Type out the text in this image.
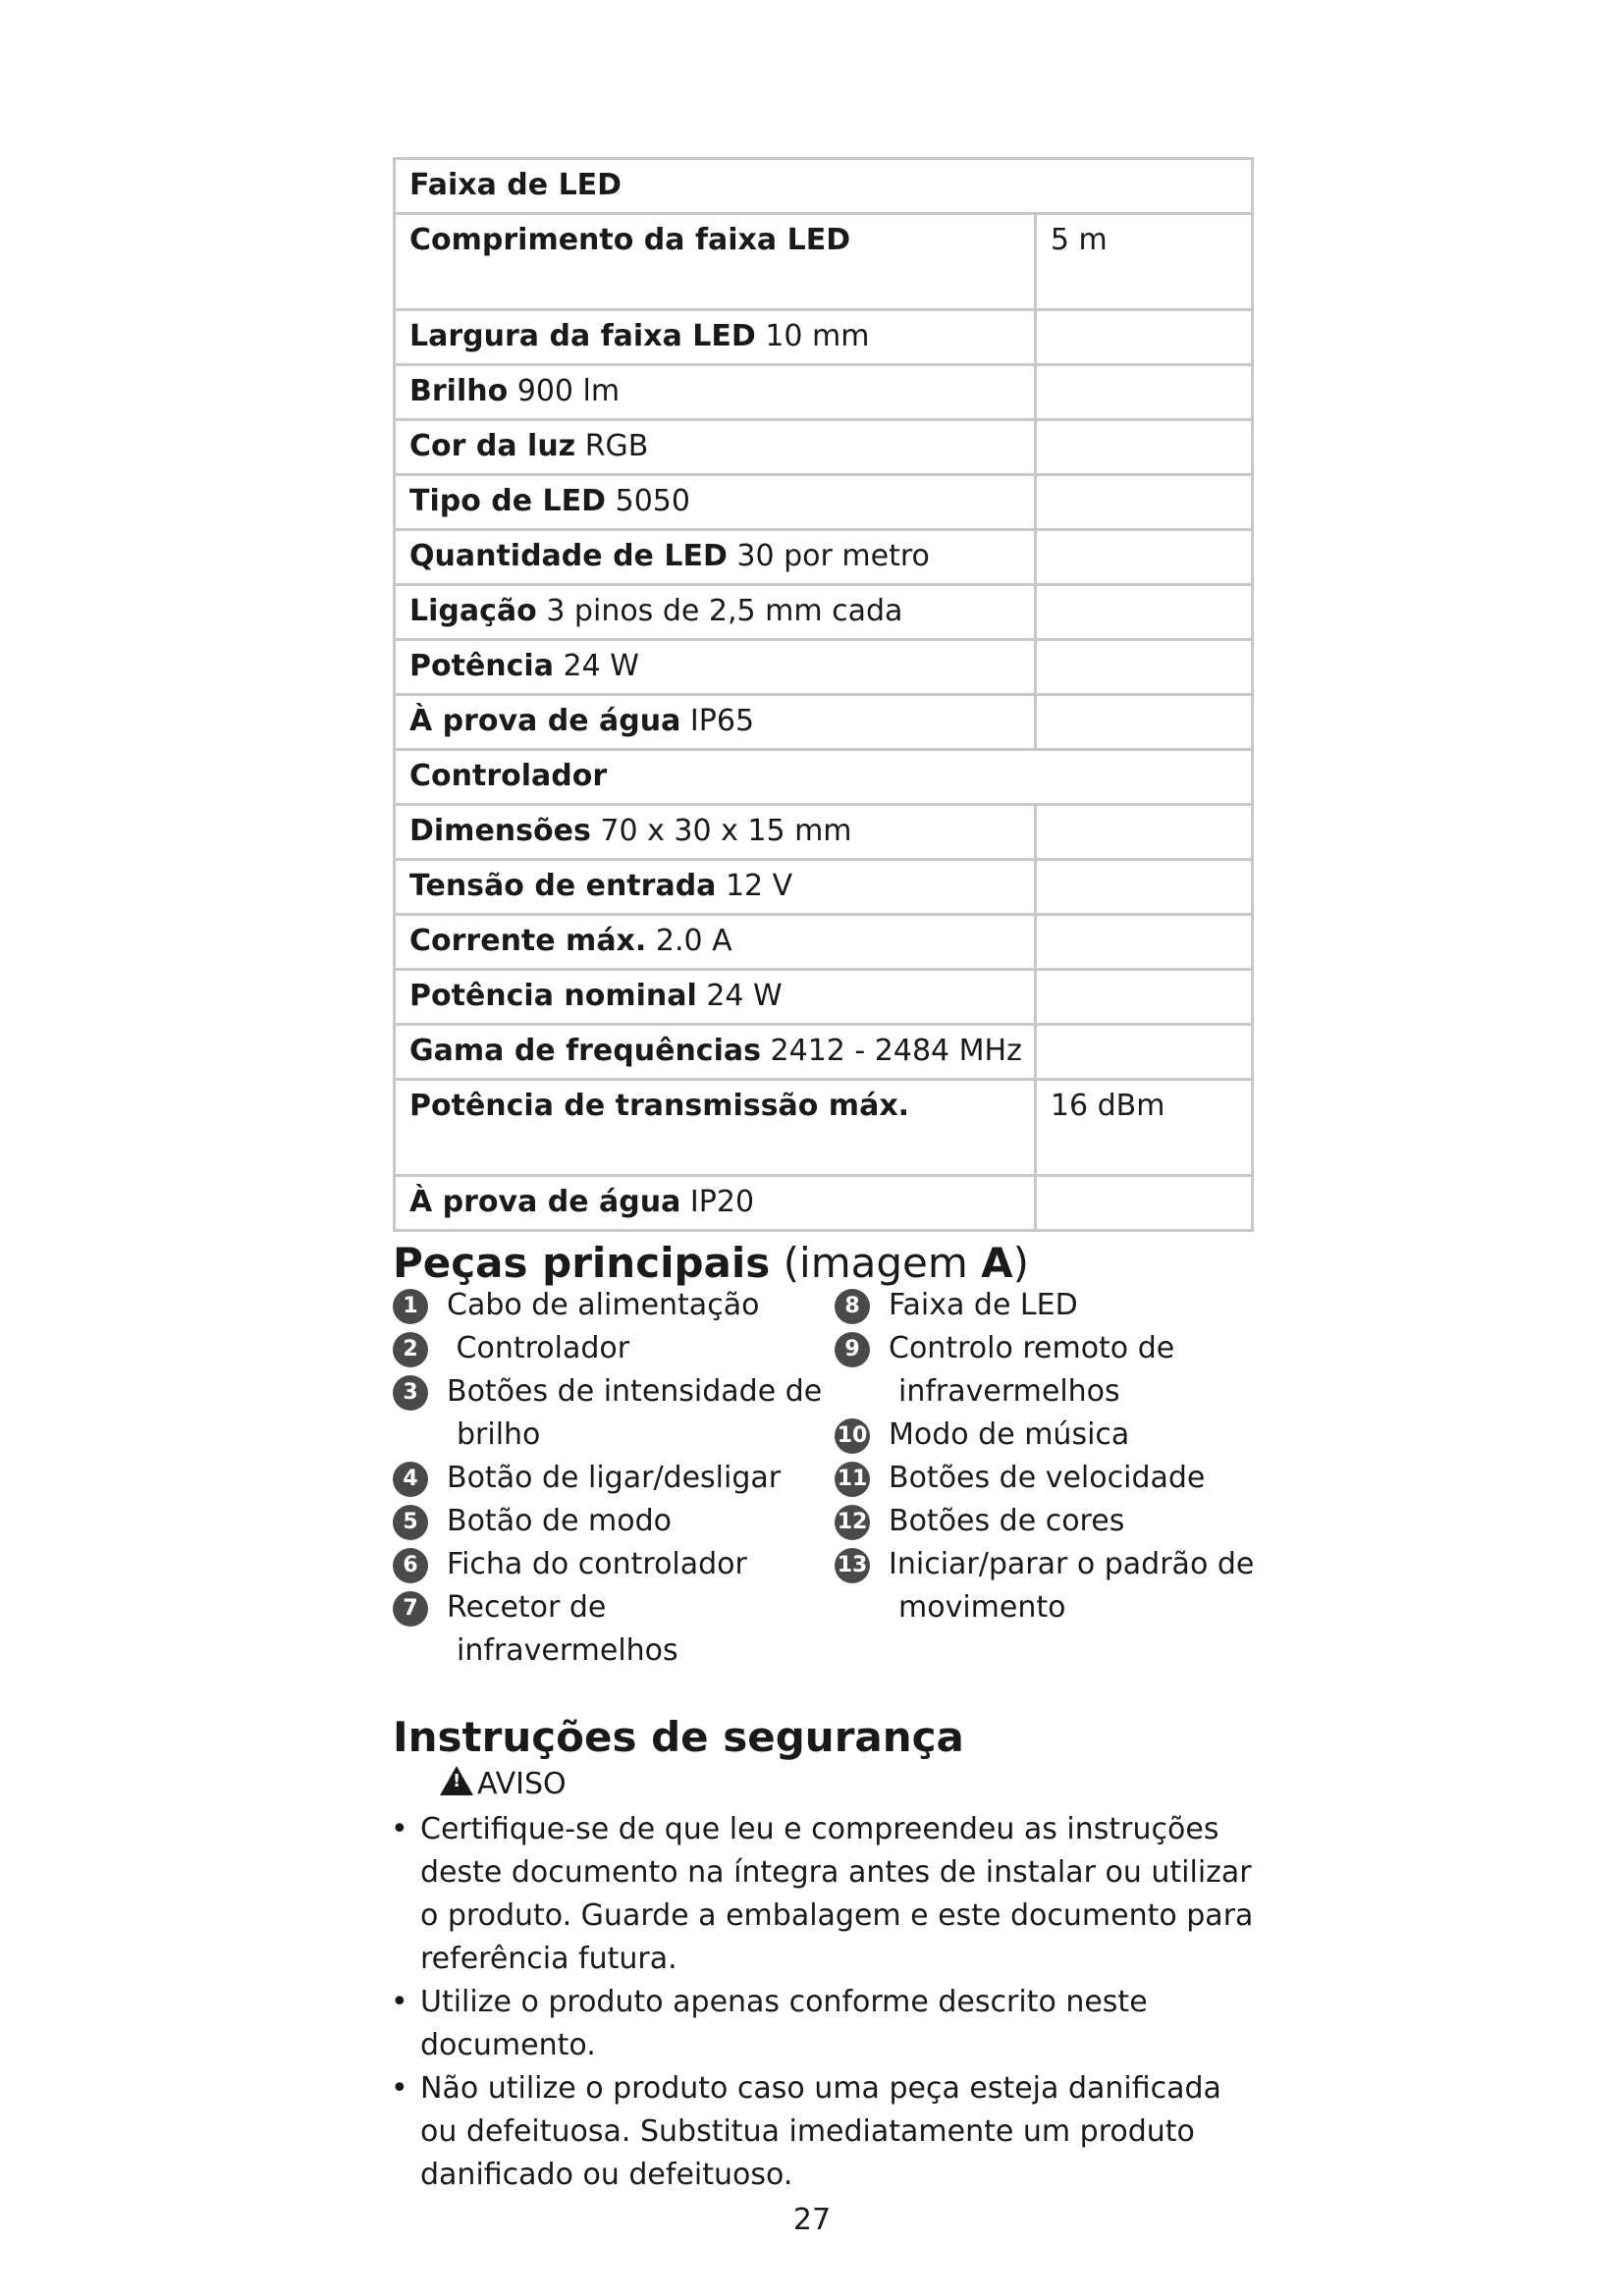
Faixa de LED	
Comprimento da faixa LED	5 m
Largura da faixa LED 10 mm	
Brilho 900 lm	
Cor da luz RGB	
Tipo de LED 5050	
Quantidade de LED 30 por metro	
Ligação 3 pinos de 2,5 mm cada	
Potência 24 W	
À prova de água IP65	
Controlador	
Dimensões 70 x 30 x 15 mm	
Tensão de entrada 12 V	
Corrente máx. 2.0 A	
Potência nominal 24 W	
Gama de frequências 2412 - 2484 MHz	
Potência de transmissão máx.	16 dBm
À prova de água IP20	
Peças principais (imagem A)
1 Cabo de alimentação
2 Controlador
3 Botões de intensidade de
brilho
4 Botão de ligar/desligar
5 Botão de modo
6 Ficha do controlador
7 Recetor de
infravermelhos
8 Faixa de LED
9 Controlo remoto de
infravermelhos
10 Modo de música
11 Botões de velocidade
12 Botões de cores
13 Iniciar/parar o padrão de
movimento
Instruções de segurança
! AVISO
• Certifique-se de que leu e compreendeu as instruções deste documento na íntegra antes de instalar ou utilizar o produto. Guarde a embalagem e este documento para referência futura.
• Utilize o produto apenas conforme descrito neste documento.
• Não utilize o produto caso uma peça esteja danificada ou defeituosa. Substitua imediatamente um produto danificado ou defeituoso.
27
